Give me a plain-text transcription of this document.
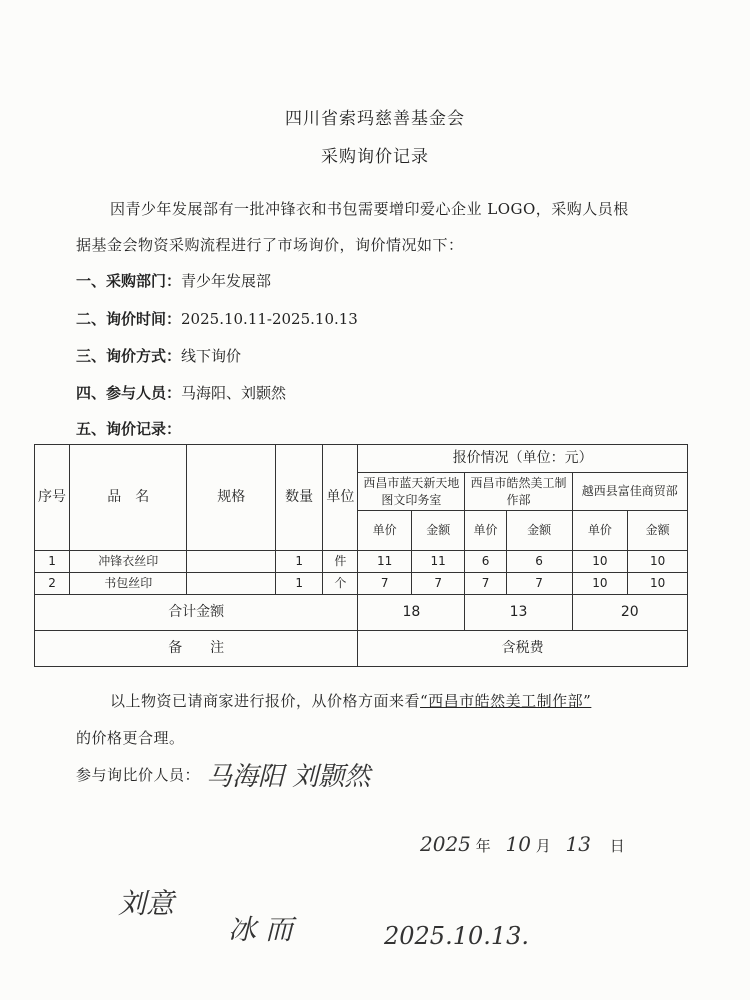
四川省索玛慈善基金会
采购询价记录
因青少年发展部有一批冲锋衣和书包需要增印爱心企业 LOGO，采购人员根
据基金会物资采购流程进行了市场询价，询价情况如下：
一、采购部门：青少年发展部
二、询价时间：2025.10.11-2025.10.13
三、询价方式：线下询价
四、参与人员：马海阳、刘颢然
五、询价记录：
序号	品　名	规格	数量	单位	报价情况（单位：元）					
					西昌市蓝天新天地图文印务室		西昌市皓然美工制作部		越西县富佳商贸部	
					单价	金额	单价	金额	单价	金额
1	冲锋衣丝印		1	件	11	11	6	6	10	10
2	书包丝印		1	个	7	7	7	7	10	10
合计金额					18		13		20	
备　　注					含税费					
以上物资已请商家进行报价，从价格方面来看“西昌市皓然美工制作部”
的价格更合理。
参与询比价人员： 马海阳 刘颢然
2025 年 10 月 13 日
刘意
冰 而	2025.10.13.
